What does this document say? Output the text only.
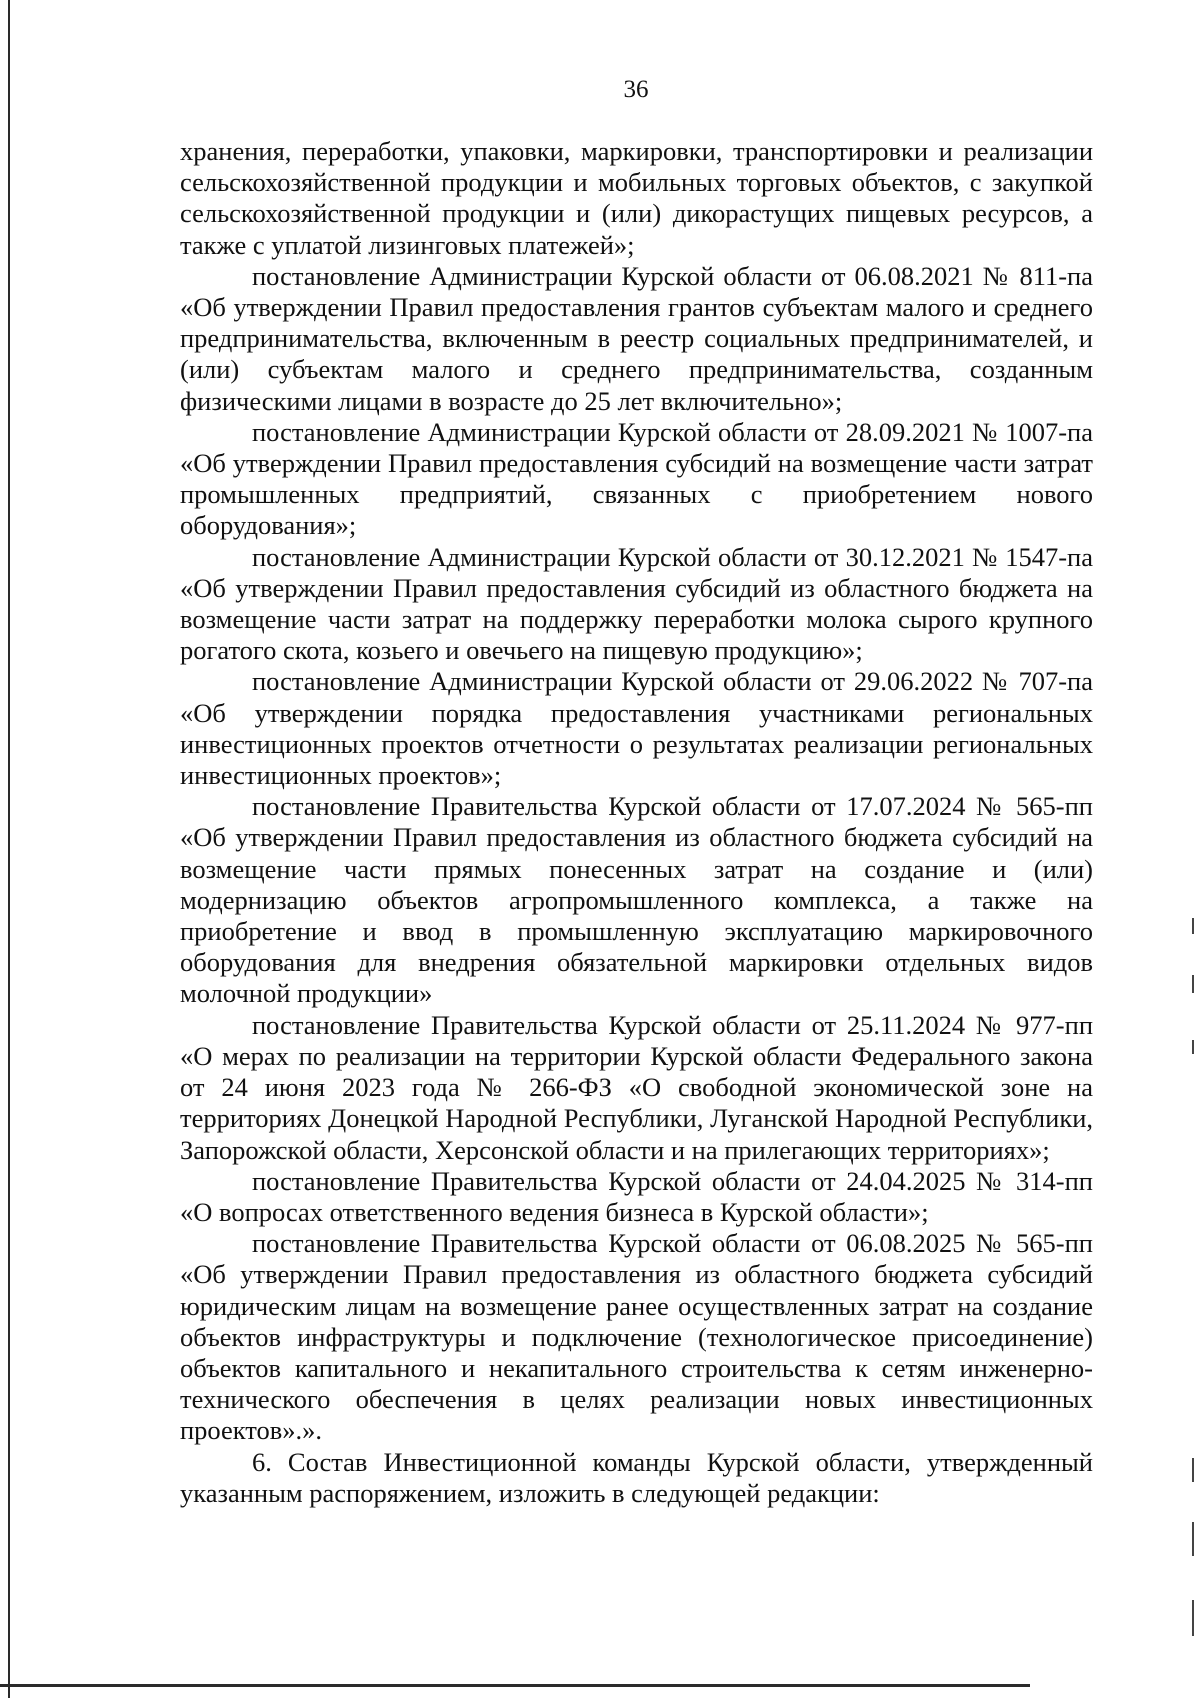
36

хранения, переработки, упаковки, маркировки, транспортировки и реализации сельскохозяйственной продукции и мобильных торговых объектов, с закупкой сельскохозяйственной продукции и (или) дикорастущих пищевых ресурсов, а также с уплатой лизинговых платежей»;

постановление Администрации Курской области от 06.08.2021 № 811-па «Об утверждении Правил предоставления грантов субъектам малого и среднего предпринимательства, включенным в реестр социальных предпринимателей, и (или) субъектам малого и среднего предпринимательства, созданным физическими лицами в возрасте до 25 лет включительно»;

постановление Администрации Курской области от 28.09.2021 № 1007-па «Об утверждении Правил предоставления субсидий на возмещение части затрат промышленных предприятий, связанных с приобретением нового оборудования»;

постановление Администрации Курской области от 30.12.2021 № 1547-па «Об утверждении Правил предоставления субсидий из областного бюджета на возмещение части затрат на поддержку переработки молока сырого крупного рогатого скота, козьего и овечьего на пищевую продукцию»;

постановление Администрации Курской области от 29.06.2022 № 707-па «Об утверждении порядка предоставления участниками региональных инвестиционных проектов отчетности о результатах реализации региональных инвестиционных проектов»;

постановление Правительства Курской области от 17.07.2024 № 565-пп «Об утверждении Правил предоставления из областного бюджета субсидий на возмещение части прямых понесенных затрат на создание и (или) модернизацию объектов агропромышленного комплекса, а также на приобретение и ввод в промышленную эксплуатацию маркировочного оборудования для внедрения обязательной маркировки отдельных видов молочной продукции»

постановление Правительства Курской области от 25.11.2024 № 977-пп «О мерах по реализации на территории Курской области Федерального закона от 24 июня 2023 года № 266-ФЗ «О свободной экономической зоне на территориях Донецкой Народной Республики, Луганской Народной Республики, Запорожской области, Херсонской области и на прилегающих территориях»;

постановление Правительства Курской области от 24.04.2025 № 314-пп «О вопросах ответственного ведения бизнеса в Курской области»;

постановление Правительства Курской области от 06.08.2025 № 565-пп «Об утверждении Правил предоставления из областного бюджета субсидий юридическим лицам на возмещение ранее осуществленных затрат на создание объектов инфраструктуры и подключение (технологическое присоединение) объектов капитального и некапитального строительства к сетям инженерно-технического обеспечения в целях реализации новых инвестиционных проектов».».

6. Состав Инвестиционной команды Курской области, утвержденный указанным распоряжением, изложить в следующей редакции:
